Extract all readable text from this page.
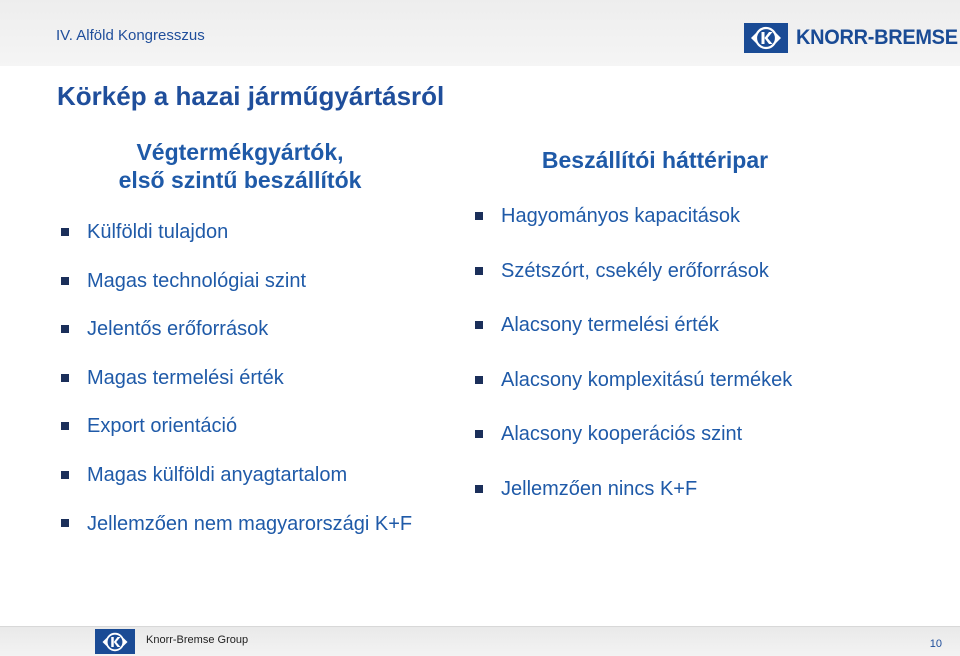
IV. Alföld Kongresszus	KNORR-BREMSE
Körkép a hazai járműgyártásról
Végtermékgyártók,
első szintű beszállítók
Külföldi tulajdon
Magas technológiai szint
Jelentős erőforrások
Magas termelési érték
Export orientáció
Magas külföldi anyagtartalom
Jellemzően nem magyarországi K+F
Beszállítói háttéripar
Hagyományos kapacitások
Szétszórt, csekély erőforrások
Alacsony termelési érték
Alacsony komplexitású termékek
Alacsony kooperációs szint
Jellemzően nincs K+F
Knorr-Bremse Group	10
